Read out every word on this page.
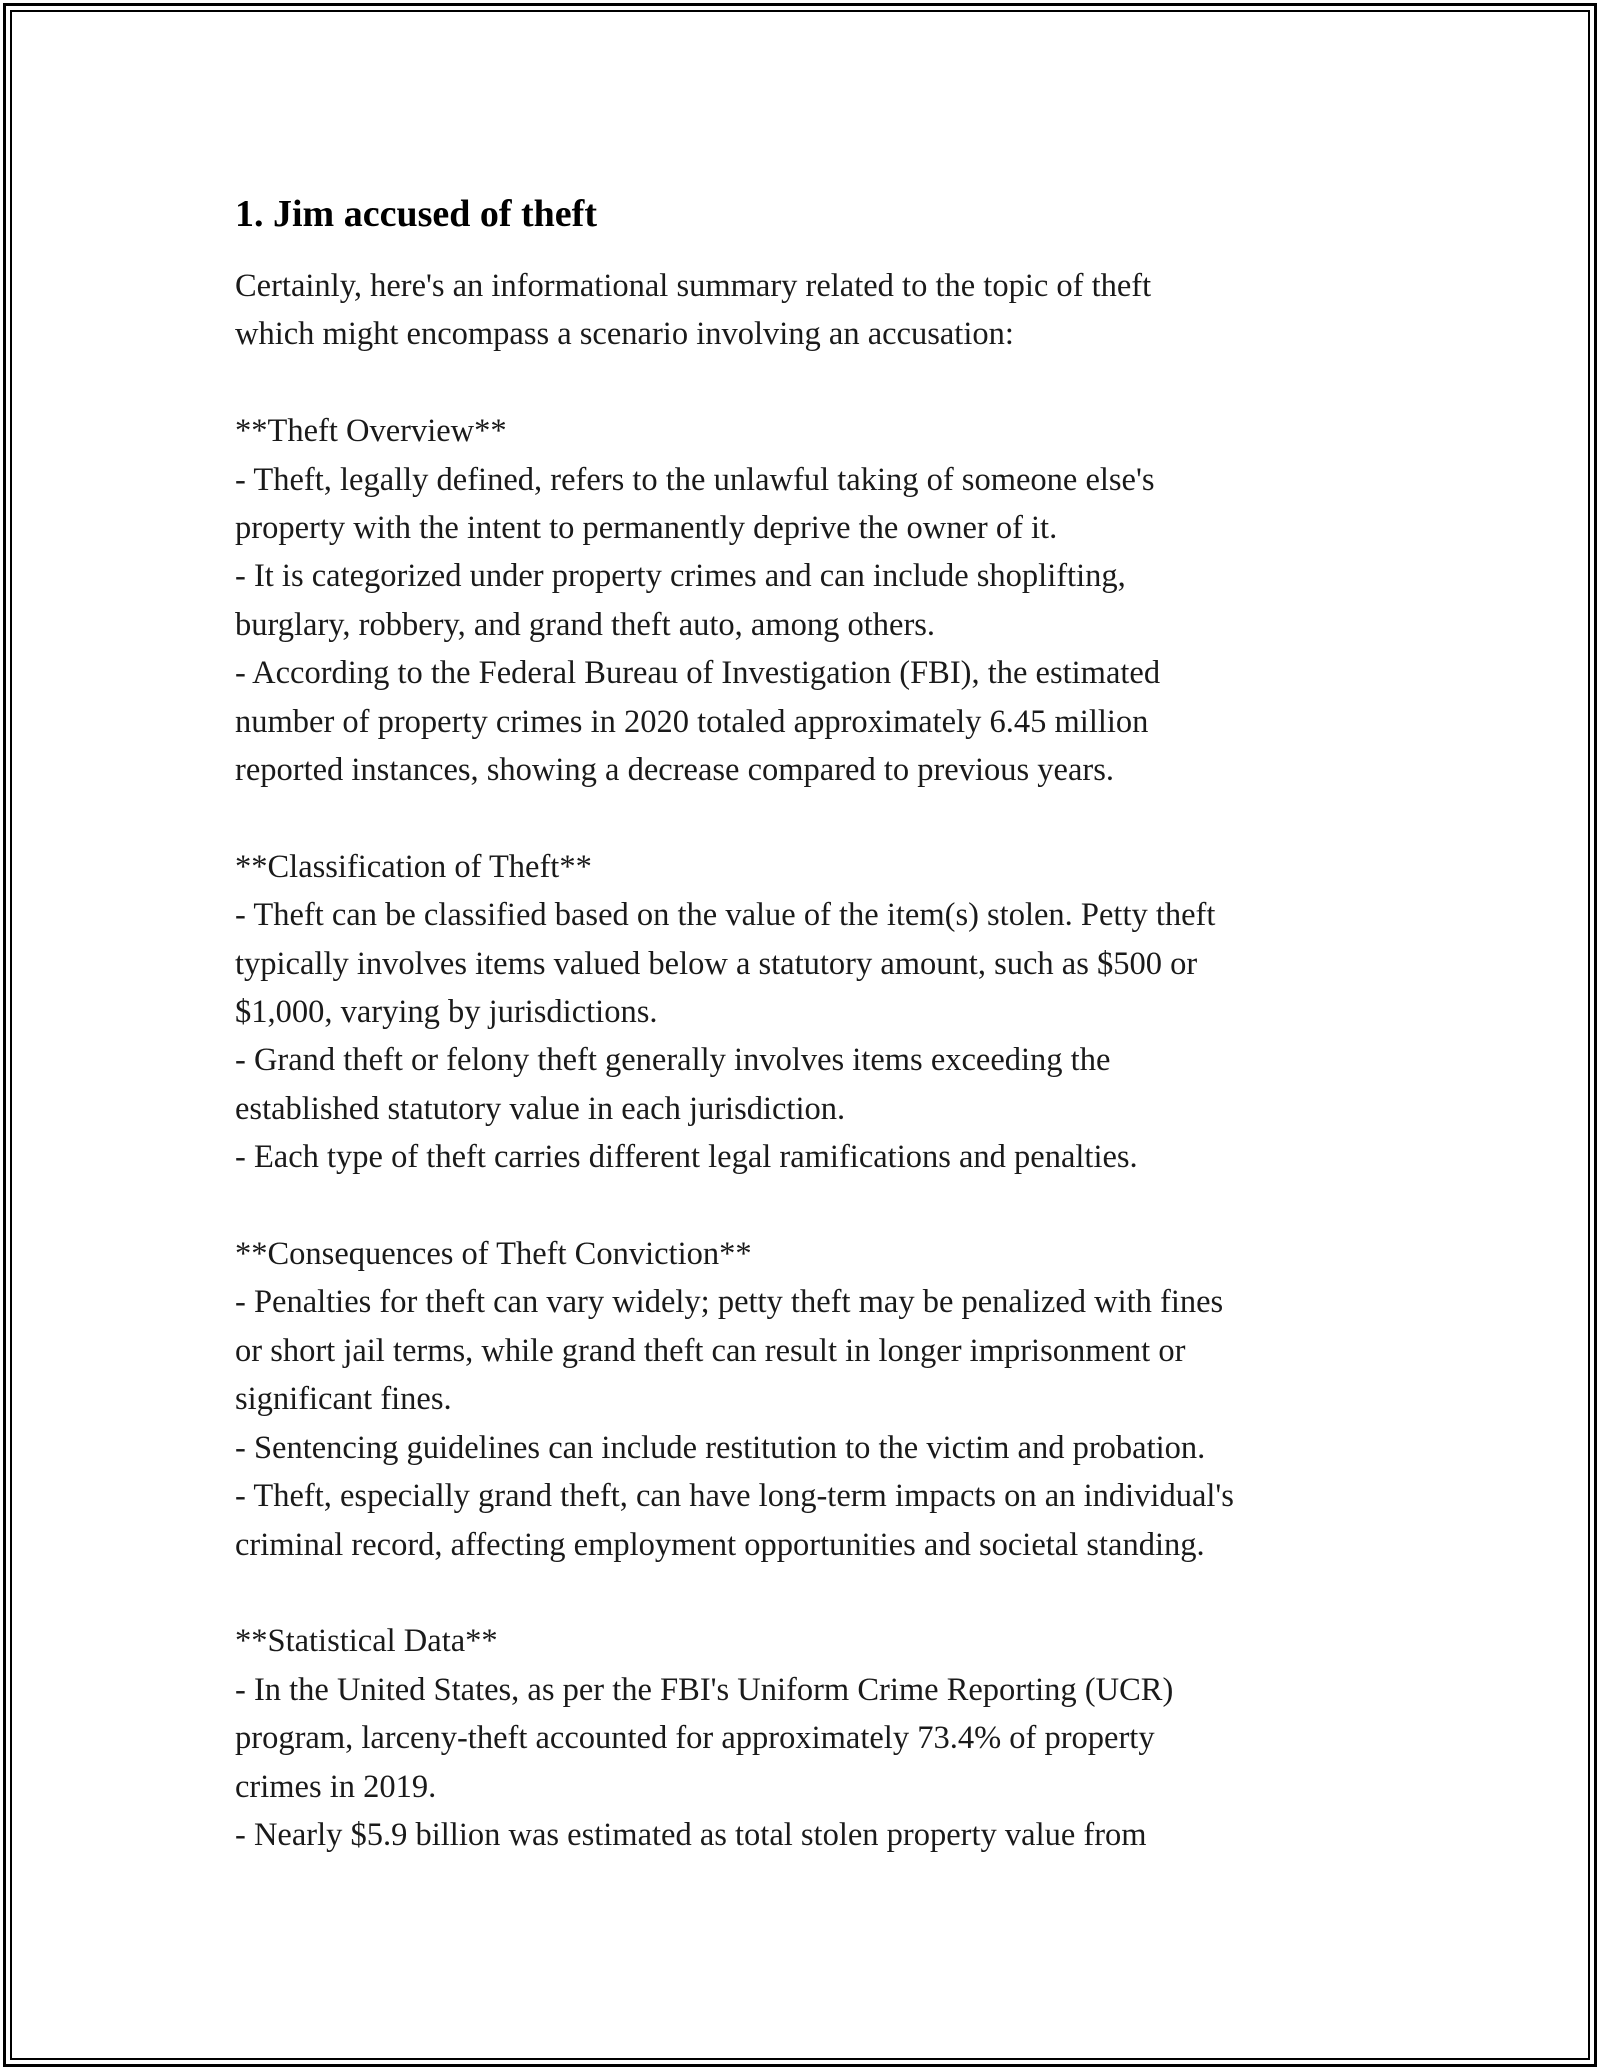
1. Jim accused of theft
Certainly, here's an informational summary related to the topic of theft
which might encompass a scenario involving an accusation:
**Theft Overview**
- Theft, legally defined, refers to the unlawful taking of someone else's
property with the intent to permanently deprive the owner of it.
- It is categorized under property crimes and can include shoplifting,
burglary, robbery, and grand theft auto, among others.
- According to the Federal Bureau of Investigation (FBI), the estimated
number of property crimes in 2020 totaled approximately 6.45 million
reported instances, showing a decrease compared to previous years.
**Classification of Theft**
- Theft can be classified based on the value of the item(s) stolen. Petty theft
typically involves items valued below a statutory amount, such as $500 or
$1,000, varying by jurisdictions.
- Grand theft or felony theft generally involves items exceeding the
established statutory value in each jurisdiction.
- Each type of theft carries different legal ramifications and penalties.
**Consequences of Theft Conviction**
- Penalties for theft can vary widely; petty theft may be penalized with fines
or short jail terms, while grand theft can result in longer imprisonment or
significant fines.
- Sentencing guidelines can include restitution to the victim and probation.
- Theft, especially grand theft, can have long-term impacts on an individual's
criminal record, affecting employment opportunities and societal standing.
**Statistical Data**
- In the United States, as per the FBI's Uniform Crime Reporting (UCR)
program, larceny-theft accounted for approximately 73.4% of property
crimes in 2019.
- Nearly $5.9 billion was estimated as total stolen property value from
